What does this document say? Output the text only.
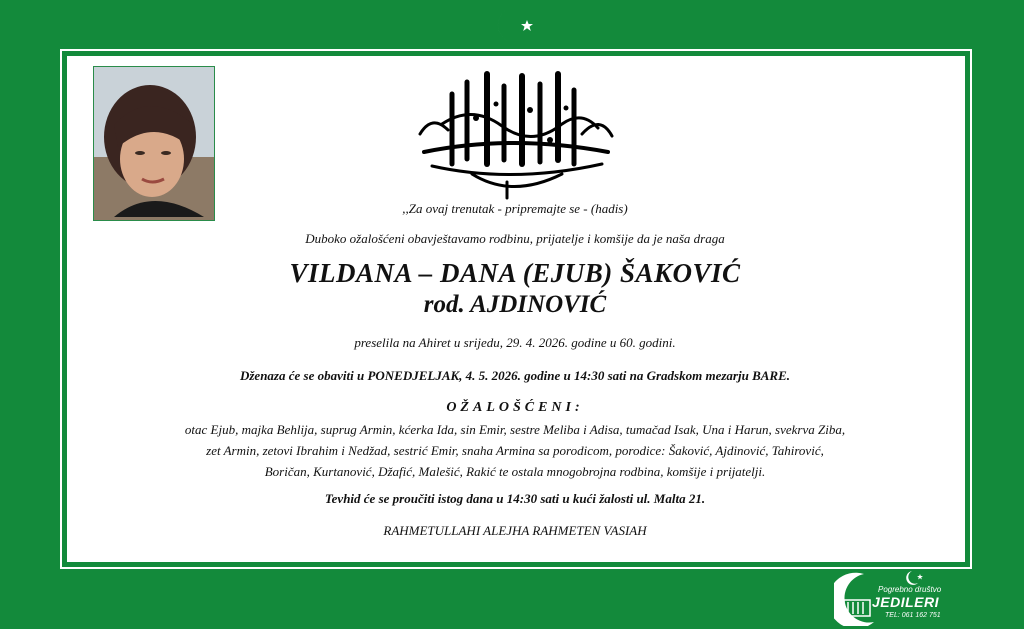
,,Za ovaj trenutak - pripremajte se - (hadis)
Duboko ožalošćeni obavještavamo rodbinu, prijatelje i komšije da je naša draga
VILDANA – DANA (EJUB) ŠAKOVIĆ
rod. AJDINOVIĆ
preselila na Ahiret u srijedu, 29. 4. 2026. godine u 60. godini.
Dženaza će se obaviti u PONEDJELJAK, 4. 5. 2026. godine u 14:30 sati na Gradskom mezarju BARE.
OŽALOŠĆENI:
otac Ejub, majka Behlija, suprug Armin, kćerka Ida, sin Emir, sestre Meliba i Adisa, tumačad Isak, Una i Harun, svekrva Ziba,
zet Armin, zetovi Ibrahim i Nedžad, sestrić Emir, snaha Armina sa porodicom, porodice: Šaković, Ajdinović, Tahirović,
Boričan, Kurtanović, Džafić, Malešić, Rakić te ostala mnogobrojna rodbina, komšije i prijatelji.
Tevhid će se proučiti istog dana u 14:30 sati u kući žalosti ul. Malta 21.
RAHMETULLAHI ALEJHA RAHMETEN VASIAH
Pogrebno društvo
JEDILERI
TEL: 061 162 751
